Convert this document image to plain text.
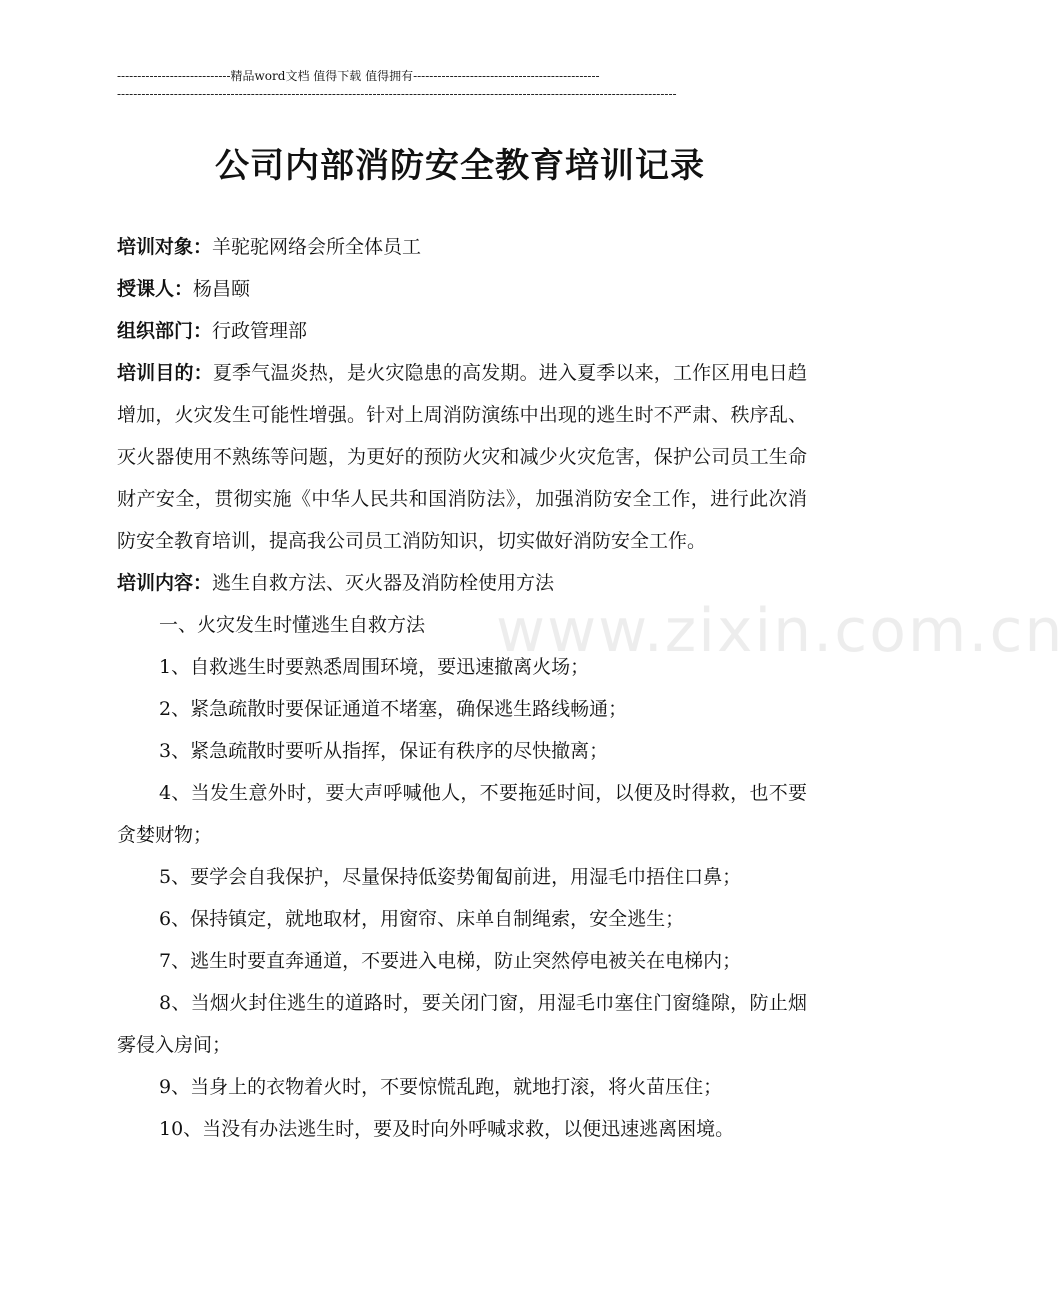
----------------------------精品word文档 值得下载 值得拥有----------------------------------------------
------------------------------------------------------------------------------------------------------------------------------------------
公司内部消防安全教育培训记录

培训对象：羊驼驼网络会所全体员工

授课人：杨昌颐

组织部门：行政管理部

培训目的：夏季气温炎热，是火灾隐患的高发期。进入夏季以来，工作区用电日趋增加，火灾发生可能性增强。针对上周消防演练中出现的逃生时不严肃、秩序乱、灭火器使用不熟练等问题，为更好的预防火灾和减少火灾危害，保护公司员工生命财产安全，贯彻实施《中华人民共和国消防法》，加强消防安全工作，进行此次消防安全教育培训，提高我公司员工消防知识，切实做好消防安全工作。

培训内容：逃生自救方法、灭火器及消防栓使用方法

一、火灾发生时懂逃生自救方法

1、自救逃生时要熟悉周围环境，要迅速撤离火场；

2、紧急疏散时要保证通道不堵塞，确保逃生路线畅通；

3、紧急疏散时要听从指挥，保证有秩序的尽快撤离；

4、当发生意外时，要大声呼喊他人，不要拖延时间，以便及时得救，也不要贪婪财物；

5、要学会自我保护，尽量保持低姿势匍匐前进，用湿毛巾捂住口鼻；

6、保持镇定，就地取材，用窗帘、床单自制绳索，安全逃生；

7、逃生时要直奔通道，不要进入电梯，防止突然停电被关在电梯内；

8、当烟火封住逃生的道路时，要关闭门窗，用湿毛巾塞住门窗缝隙，防止烟雾侵入房间；

9、当身上的衣物着火时，不要惊慌乱跑，就地打滚，将火苗压住；

10、当没有办法逃生时，要及时向外呼喊求救，以便迅速逃离困境。

www.zixin.com.cn
